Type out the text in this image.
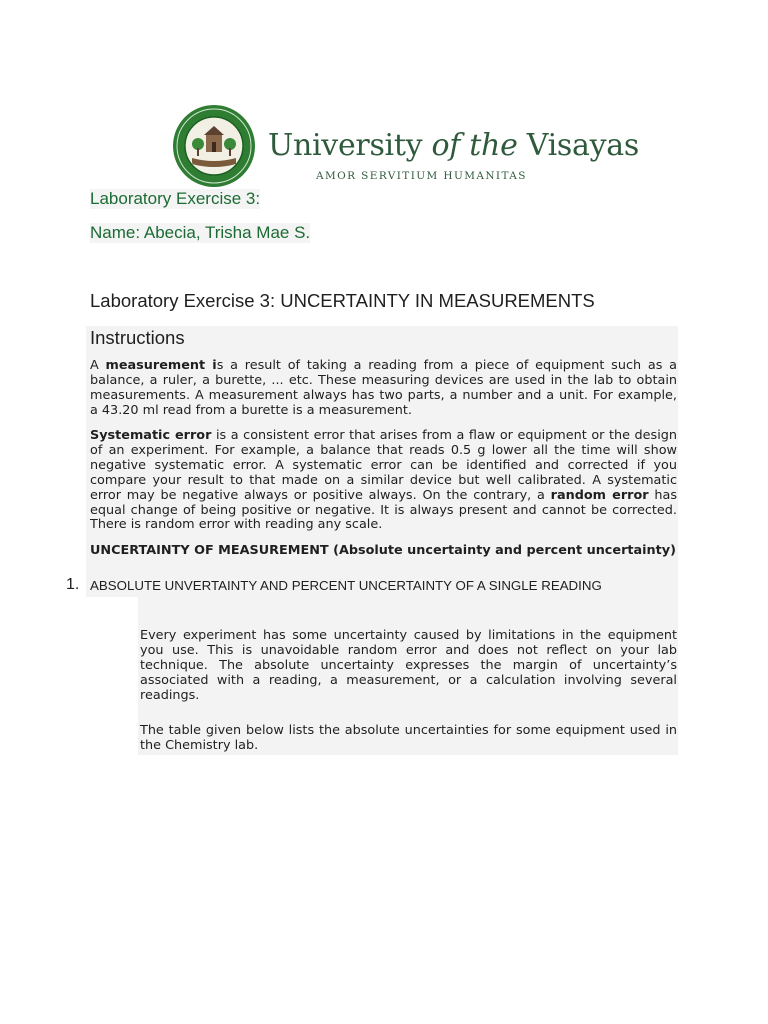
University of the Visayas
AMOR SERVITIUM HUMANITAS
Laboratory Exercise 3:
Name: Abecia, Trisha Mae S.
Laboratory Exercise 3: UNCERTAINTY IN MEASUREMENTS
Instructions
A measurement is a result of taking a reading from a piece of equipment such as a balance, a ruler, a burette, ... etc. These measuring devices are used in the lab to obtain measurements. A measurement always has two parts, a number and a unit. For example, a 43.20 ml read from a burette is a measurement.
Systematic error is a consistent error that arises from a flaw or equipment or the design of an experiment. For example, a balance that reads 0.5 g lower all the time will show negative systematic error. A systematic error can be identified and corrected if you compare your result to that made on a similar device but well calibrated. A systematic error may be negative always or positive always. On the contrary, a random error has equal change of being positive or negative. It is always present and cannot be corrected. There is random error with reading any scale.
UNCERTAINTY OF MEASUREMENT (Absolute uncertainty and percent uncertainty)
1. ABSOLUTE UNVERTAINTY AND PERCENT UNCERTAINTY OF A SINGLE READING
Every experiment has some uncertainty caused by limitations in the equipment you use. This is unavoidable random error and does not reflect on your lab technique. The absolute uncertainty expresses the margin of uncertainty’s associated with a reading, a measurement, or a calculation involving several readings.
The table given below lists the absolute uncertainties for some equipment used in the Chemistry lab.
